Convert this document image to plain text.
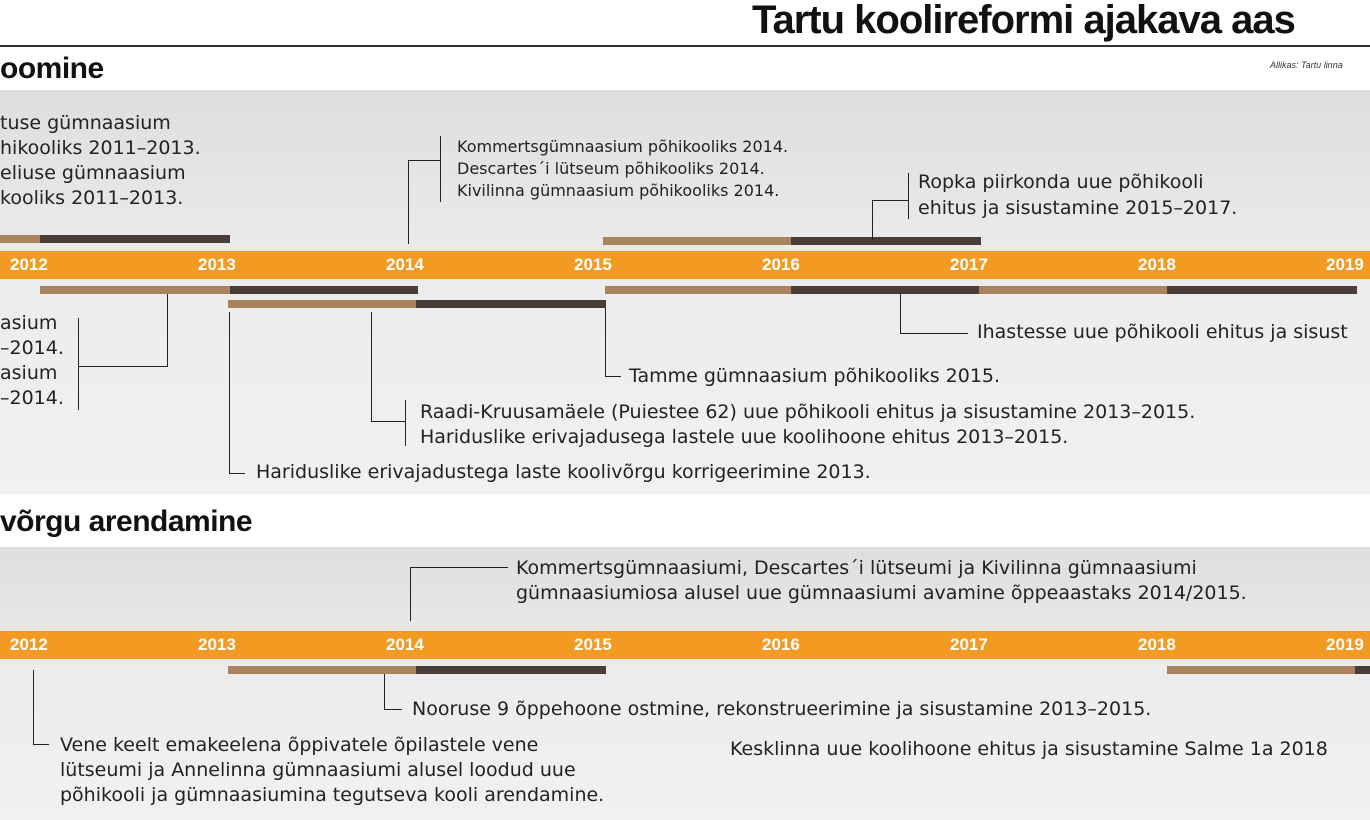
Tartu koolireformi ajakava aas
Allikas: Tartu linna
oomine
võrgu arendamine
2012	2013	2014	2015	2016	2017	2018	2019
2012	2013	2014	2015	2016	2017	2018	2019
tuse gümnaasium
hikooliks 2011–2013.
eliuse gümnaasium
kooliks 2011–2013.
Kommertsgümnaasium põhikooliks 2014.
Descartes´i lütseum põhikooliks 2014.
Kivilinna gümnaasium põhikooliks 2014.	Ropka piirkonda uue põhikooli
ehitus ja sisustamine 2015–2017.
asium
–2014.
asium
–2014.
Ihastesse uue põhikooli ehitus ja sisust
Tamme gümnaasium põhikooliks 2015.
Raadi-Kruusamäele (Puiestee 62) uue põhikooli ehitus ja sisustamine 2013–2015.
Hariduslike erivajadusega lastele uue koolihoone ehitus 2013–2015.
Hariduslike erivajadustega laste koolivõrgu korrigeerimine 2013.
Kommertsgümnaasiumi, Descartes´i lütseumi ja Kivilinna gümnaasiumi
gümnaasiumiosa alusel uue gümnaasiumi avamine õppeaastaks 2014/2015.
Nooruse 9 õppehoone ostmine, rekonstrueerimine ja sisustamine 2013–2015.
Kesklinna uue koolihoone ehitus ja sisustamine Salme 1a 2018
Vene keelt emakeelena õppivatele õpilastele vene
lütseumi ja Annelinna gümnaasiumi alusel loodud uue
põhikooli ja gümnaasiumina tegutseva kooli arendamine.
